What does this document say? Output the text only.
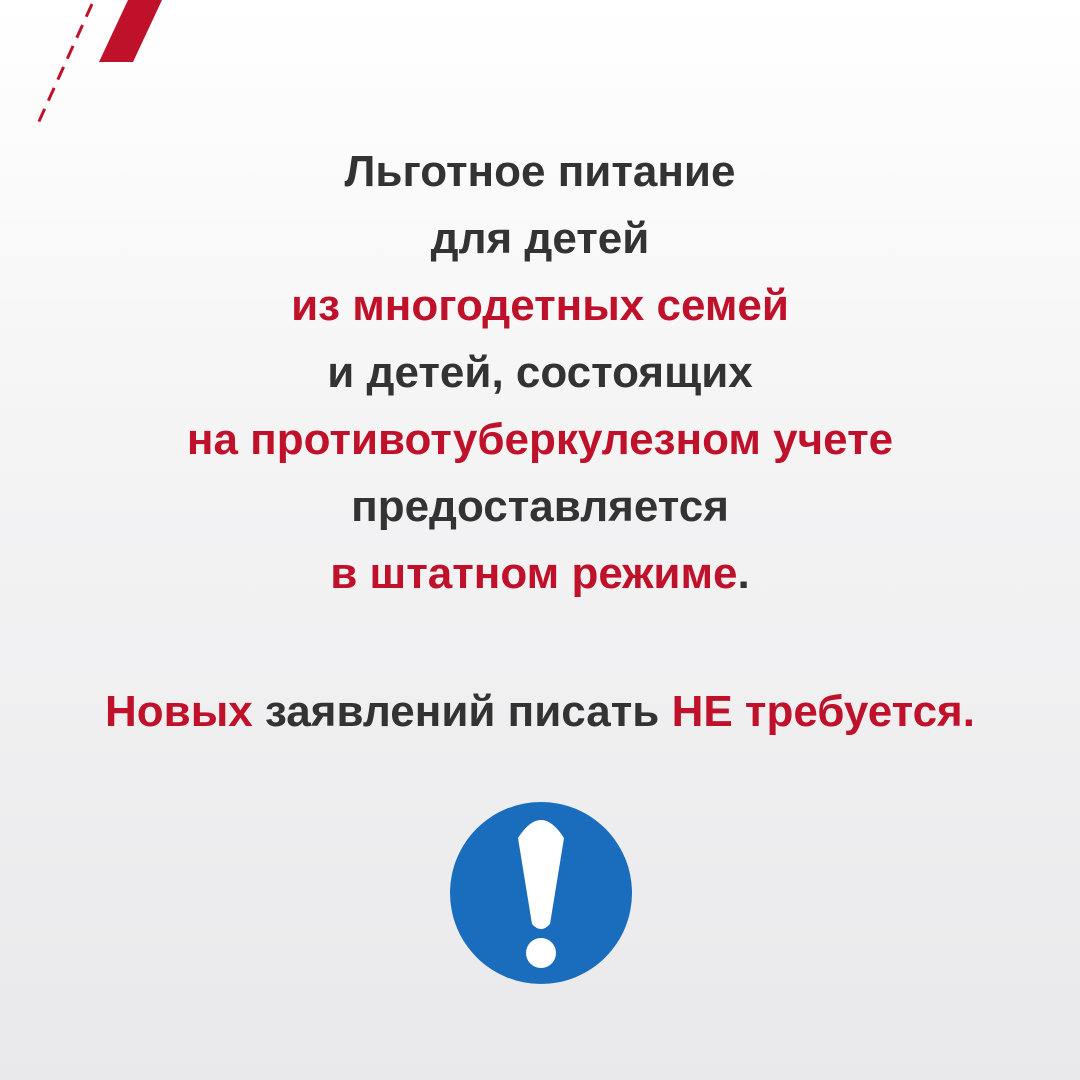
Льготное питание
для детей
из многодетных семей
и детей, состоящих
на противотуберкулезном учете
предоставляется
в штатном режиме.
Новых заявлений писать НЕ требуется.
